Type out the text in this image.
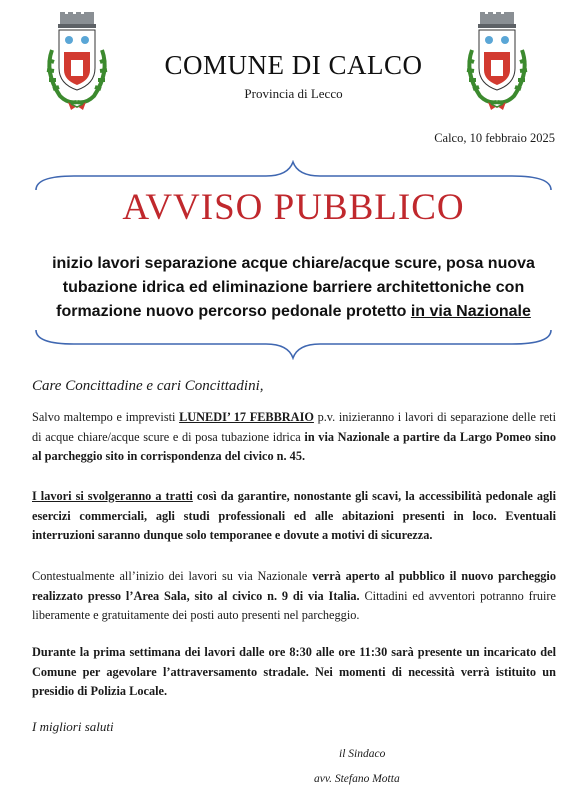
COMUNE DI CALCO
Provincia di Lecco
Calco, 10 febbraio 2025
AVVISO PUBBLICO
inizio lavori separazione acque chiare/acque scure, posa nuova tubazione idrica ed eliminazione barriere architettoniche con formazione nuovo percorso pedonale protetto in via Nazionale
Care Concittadine e cari Concittadini,
Salvo maltempo e imprevisti LUNEDI’ 17 FEBBRAIO p.v. inizieranno i lavori di separazione delle reti di acque chiare/acque scure e di posa tubazione idrica in via Nazionale a partire da Largo Pomeo sino al parcheggio sito in corrispondenza del civico n. 45.
I lavori si svolgeranno a tratti così da garantire, nonostante gli scavi, la accessibilità pedonale agli esercizi commerciali, agli studi professionali ed alle abitazioni presenti in loco. Eventuali interruzioni saranno dunque solo temporanee e dovute a motivi di sicurezza.
Contestualmente all’inizio dei lavori su via Nazionale verrà aperto al pubblico il nuovo parcheggio realizzato presso l’Area Sala, sito al civico n. 9 di via Italia. Cittadini ed avventori potranno fruire liberamente e gratuitamente dei posti auto presenti nel parcheggio.
Durante la prima settimana dei lavori dalle ore 8:30 alle ore 11:30 sarà presente un incaricato del Comune per agevolare l’attraversamento stradale. Nei momenti di necessità verrà istituito un presidio di Polizia Locale.
I migliori saluti
il Sindaco
avv. Stefano Motta
